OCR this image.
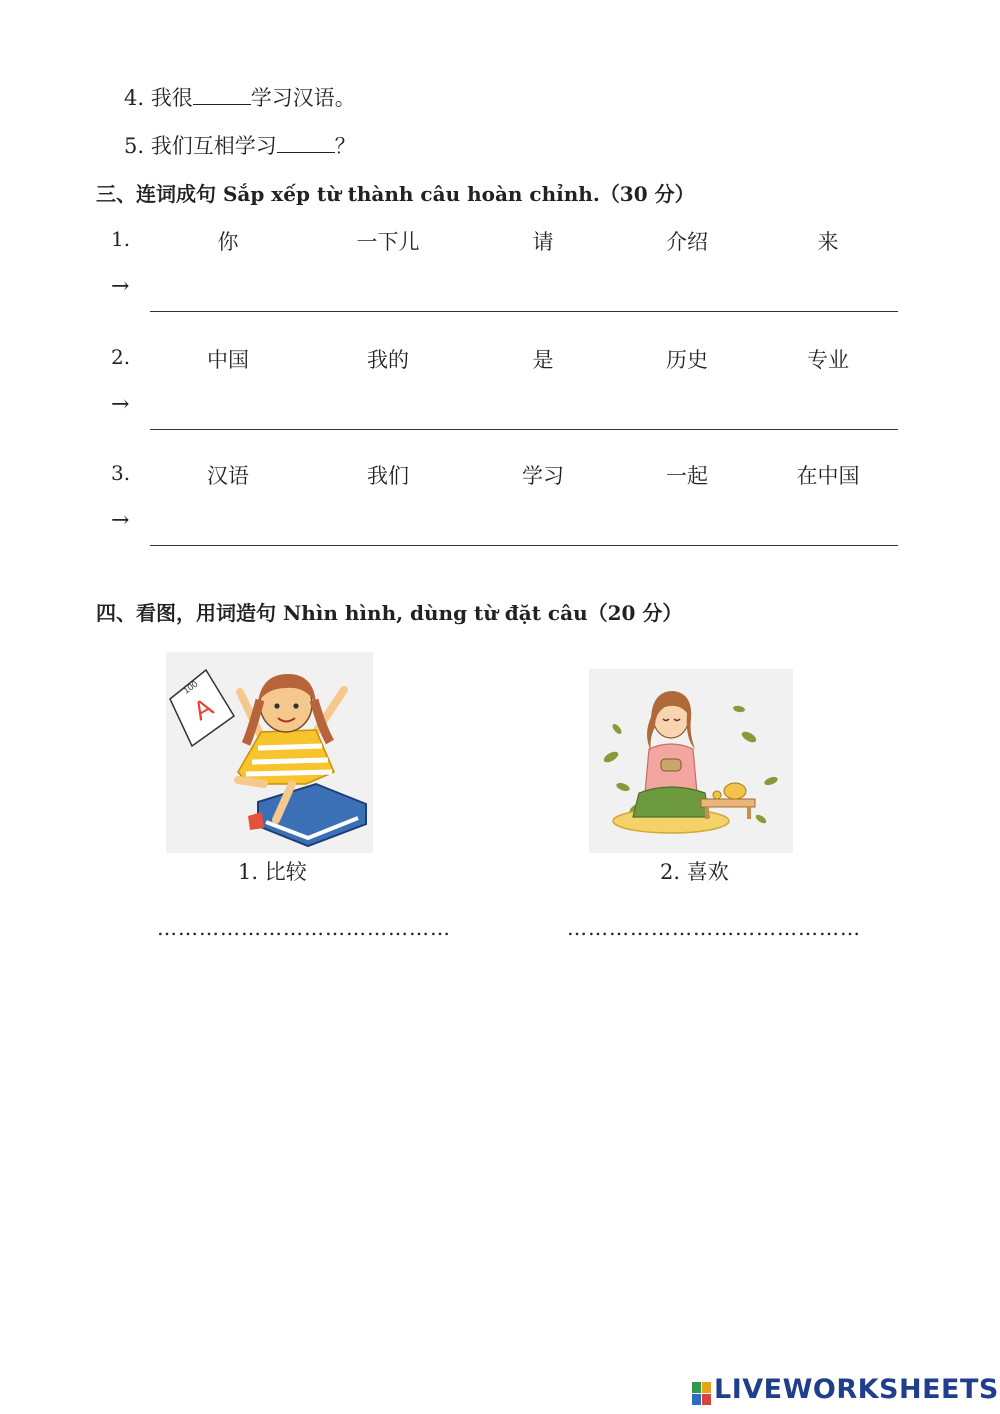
4. 我很	学习汉语。
5. 我们互相学习	？
三、连词成句 Sắp xếp từ thành câu hoàn chỉnh.（30 分）
1.	你	一下儿	请	介绍	来
→
2.	中国	我的	是	历史	专业
→
3.	汉语	我们	学习	一起	在中国
→
四、看图，用词造句 Nhìn hình, dùng từ đặt câu（20 分）
A
100
1. 比较	2. 喜欢
……………………………………	……………………………………
LIVEWORKSHEETS
